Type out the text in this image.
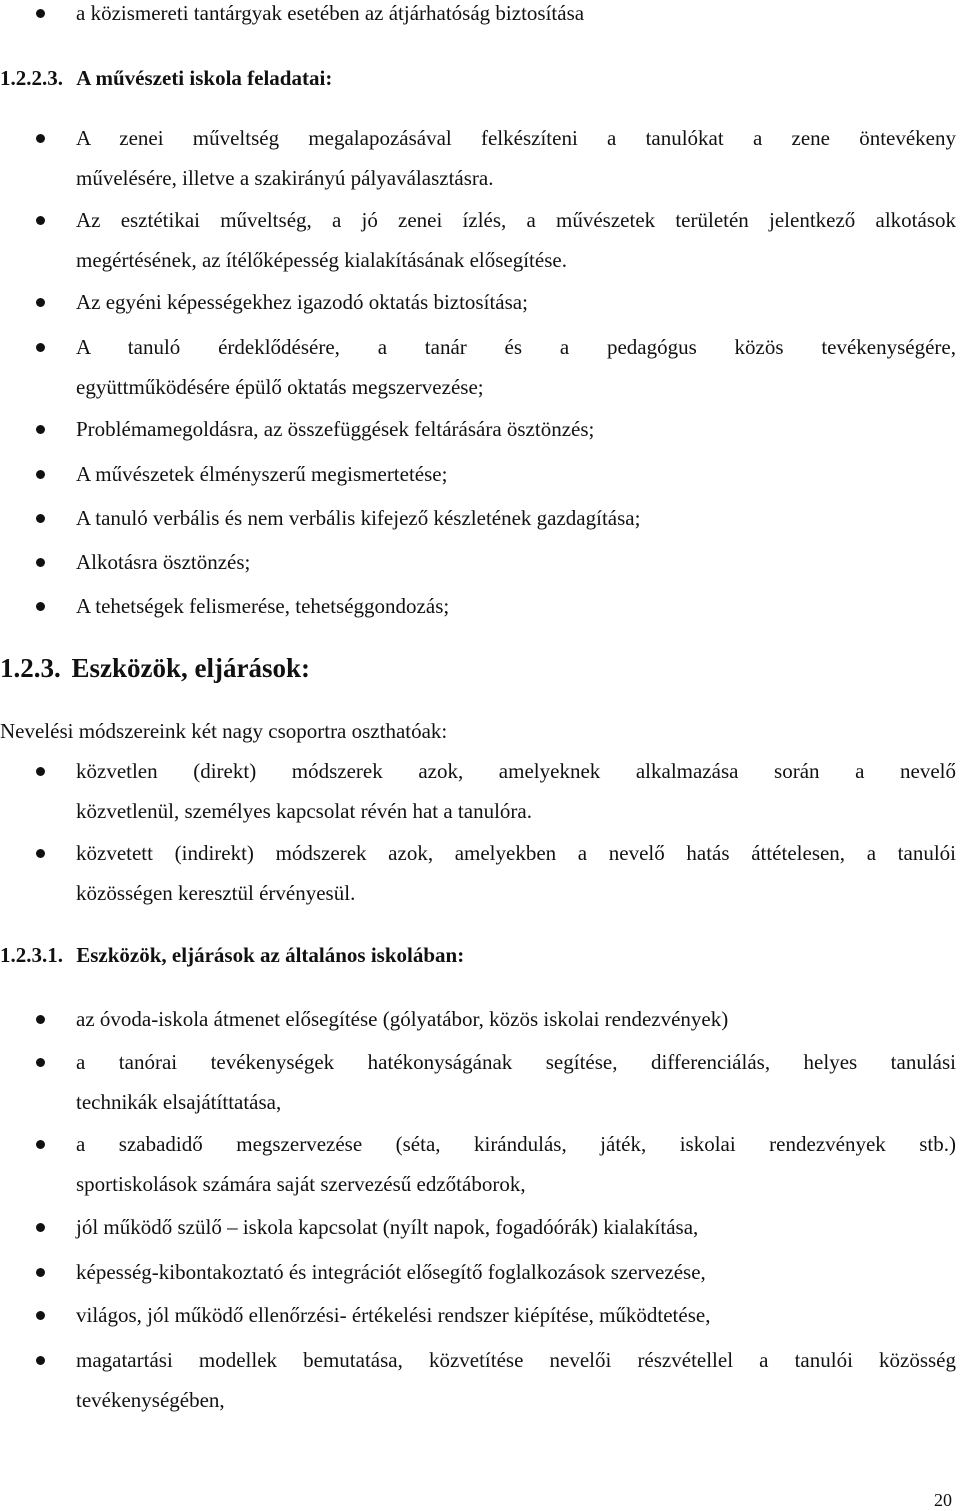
a közismereti tantárgyak esetében az átjárhatóság biztosítása
1.2.2.3. A művészeti iskola feladatai:
A zenei műveltség megalapozásával felkészíteni a tanulókat a zene öntevékeny
művelésére, illetve a szakirányú pályaválasztásra.
Az esztétikai műveltség, a jó zenei ízlés, a művészetek területén jelentkező alkotások
megértésének, az ítélőképesség kialakításának elősegítése.
Az egyéni képességekhez igazodó oktatás biztosítása;
A tanuló érdeklődésére, a tanár és a pedagógus közös tevékenységére,
együttműködésére épülő oktatás megszervezése;
Problémamegoldásra, az összefüggések feltárására ösztönzés;
A művészetek élményszerű megismertetése;
A tanuló verbális és nem verbális kifejező készletének gazdagítása;
Alkotásra ösztönzés;
A tehetségek felismerése, tehetséggondozás;
1.2.3. Eszközök, eljárások:
Nevelési módszereink két nagy csoportra oszthatóak:
közvetlen (direkt) módszerek azok, amelyeknek alkalmazása során a nevelő
közvetlenül, személyes kapcsolat révén hat a tanulóra.
közvetett (indirekt) módszerek azok, amelyekben a nevelő hatás áttételesen, a tanulói
közösségen keresztül érvényesül.
1.2.3.1. Eszközök, eljárások az általános iskolában:
az óvoda-iskola átmenet elősegítése (gólyatábor, közös iskolai rendezvények)
a tanórai tevékenységek hatékonyságának segítése, differenciálás, helyes tanulási
technikák elsajátíttatása,
a szabadidő megszervezése (séta, kirándulás, játék, iskolai rendezvények stb.)
sportiskolások számára saját szervezésű edzőtáborok,
jól működő szülő – iskola kapcsolat (nyílt napok, fogadóórák) kialakítása,
képesség-kibontakoztató és integrációt elősegítő foglalkozások szervezése,
világos, jól működő ellenőrzési- értékelési rendszer kiépítése, működtetése,
magatartási modellek bemutatása, közvetítése nevelői részvétellel a tanulói közösség
tevékenységében,
20
